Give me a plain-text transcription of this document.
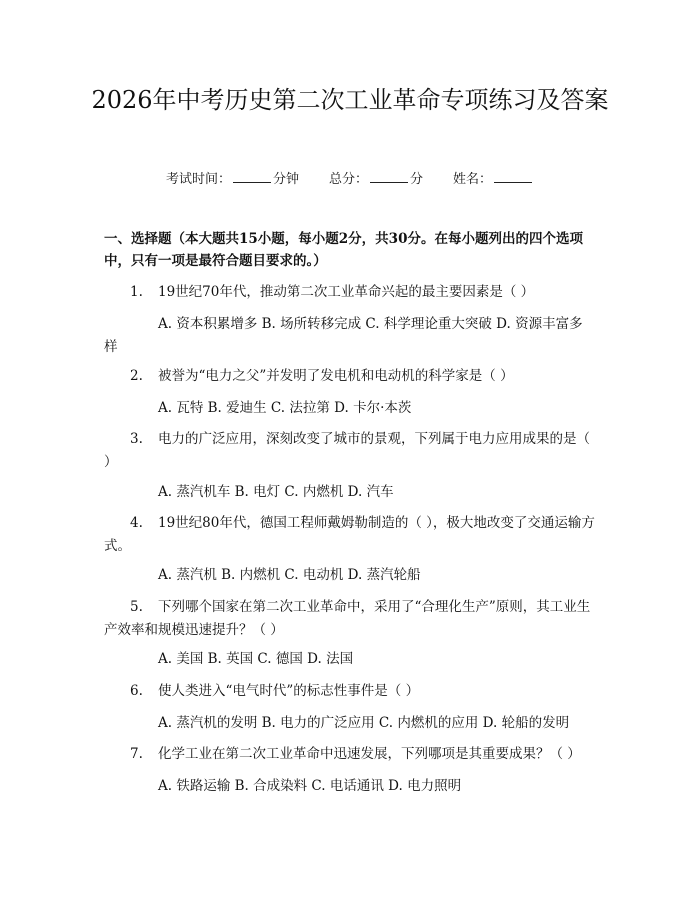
2026年中考历史第二次工业革命专项练习及答案
考试时间：	分钟 总分：	分 姓名：
一、选择题（本大题共15小题，每小题2分，共30分。在每小题列出的四个选项中，只有一项是最符合题目要求的。）
1. 19世纪70年代，推动第二次工业革命兴起的最主要因素是（ ）
A. 资本积累增多 B. 场所转移完成 C. 科学理论重大突破 D. 资源丰富多样
2. 被誉为“电力之父”并发明了发电机和电动机的科学家是（ ）
A. 瓦特 B. 爱迪生 C. 法拉第 D. 卡尔·本茨
3. 电力的广泛应用，深刻改变了城市的景观，下列属于电力应用成果的是（ ）
A. 蒸汽机车 B. 电灯 C. 内燃机 D. 汽车
4. 19世纪80年代，德国工程师戴姆勒制造的（ ），极大地改变了交通运输方式。
A. 蒸汽机 B. 内燃机 C. 电动机 D. 蒸汽轮船
5. 下列哪个国家在第二次工业革命中，采用了“合理化生产”原则，其工业生产效率和规模迅速提升？（ ）
A. 美国 B. 英国 C. 德国 D. 法国
6. 使人类进入“电气时代”的标志性事件是（ ）
A. 蒸汽机的发明 B. 电力的广泛应用 C. 内燃机的应用 D. 轮船的发明
7. 化学工业在第二次工业革命中迅速发展，下列哪项是其重要成果？（ ）
A. 铁路运输 B. 合成染料 C. 电话通讯 D. 电力照明
